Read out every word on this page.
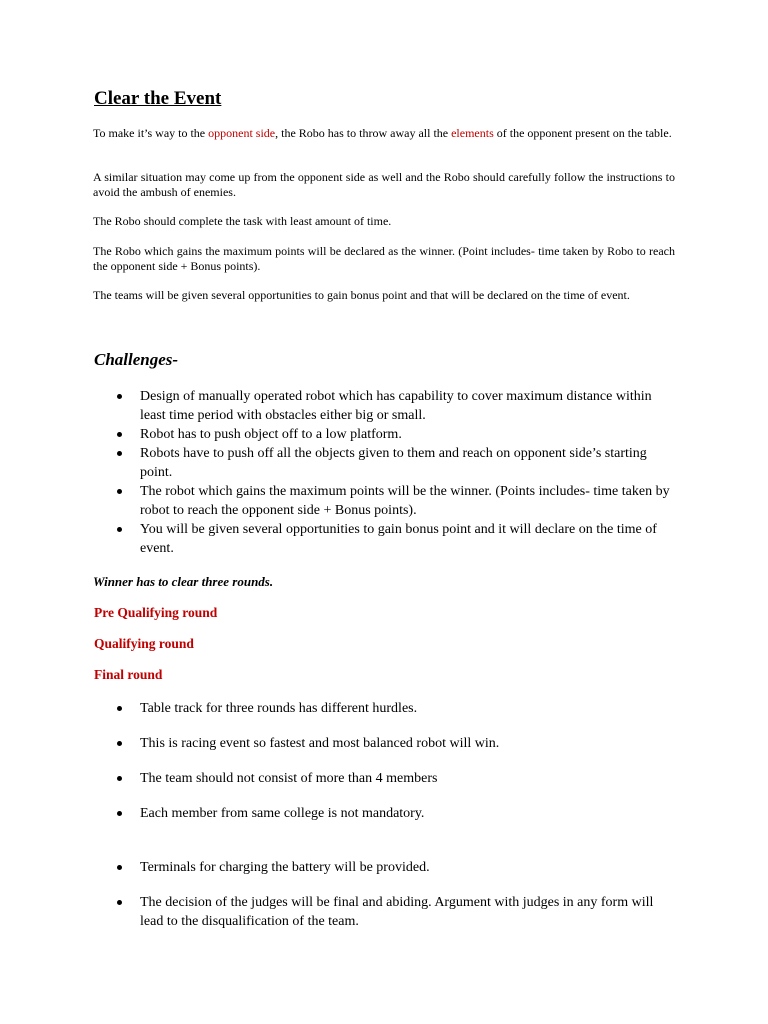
Clear the Event

To make it’s way to the opponent side, the Robo has to throw away all the elements of the opponent present on the table.

A similar situation may come up from the opponent side as well and the Robo should carefully follow the instructions to avoid the ambush of enemies.

The Robo should complete the task with least amount of time.

The Robo which gains the maximum points will be declared as the winner. (Point includes- time taken by Robo to reach the opponent side + Bonus points).

The teams will be given several opportunities to gain bonus point and that will be declared on the time of event.

Challenges-
Design of manually operated robot which has capability to cover maximum distance within least time period with obstacles either big or small.
Robot has to push object off to a low platform.
Robots have to push off all the objects given to them and reach on opponent side’s starting point.
The robot which gains the maximum points will be the winner. (Points includes- time taken by robot to reach the opponent side + Bonus points).
You will be given several opportunities to gain bonus point and it will declare on the time of event.

Winner has to clear three rounds.

Pre Qualifying round

Qualifying round

Final round

Table track for three rounds has different hurdles.
This is racing event so fastest and most balanced robot will win.
The team should not consist of more than 4 members
Each member from same college is not mandatory.
Terminals for charging the battery will be provided.
The decision of the judges will be final and abiding. Argument with judges in any form will lead to the disqualification of the team.
